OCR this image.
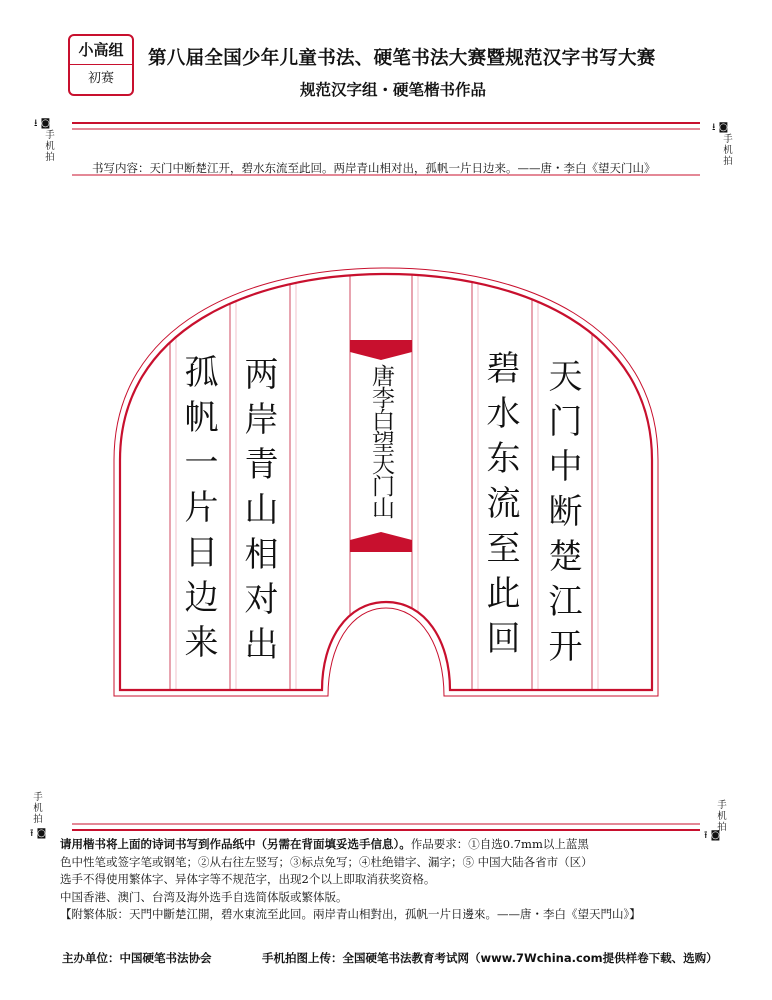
小高组
初赛
第八届全国少年儿童书法、硬笔书法大赛暨规范汉字书写大赛
规范汉字组・硬笔楷书作品
⭳ ◙
手机拍
⭳ ◙
手机拍
手机拍
⭱ ◙
手机拍
⭱ ◙
书写内容：天门中断楚江开，碧水东流至此回。两岸青山相对出，孤帆一片日边来。——唐・李白《望天门山》
天门中断楚江开
碧水东流至此回
两岸青山相对出
孤帆一片日边来	唐李白望天门山

请用楷书将上面的诗词书写到作品纸中（另需在背面填妥选手信息）。作品要求：①自选0.7mm以上蓝黑

色中性笔或签字笔或钢笔；②从右往左竖写；③标点免写；④杜绝错字、漏字；⑤ 中国大陆各省市（区）

选手不得使用繁体字、异体字等不规范字，出现2个以上即取消获奖资格。

中国香港、澳门、台湾及海外选手自选简体版或繁体版。

【附繁体版：天門中斷楚江開，碧水東流至此回。兩岸青山相對出，孤帆一片日邊來。——唐・李白《望天門山》】

主办单位：中国硬笔书法协会	手机拍图上传：全国硬笔书法教育考试网（www.7Wchina.com提供样卷下载、选购）
